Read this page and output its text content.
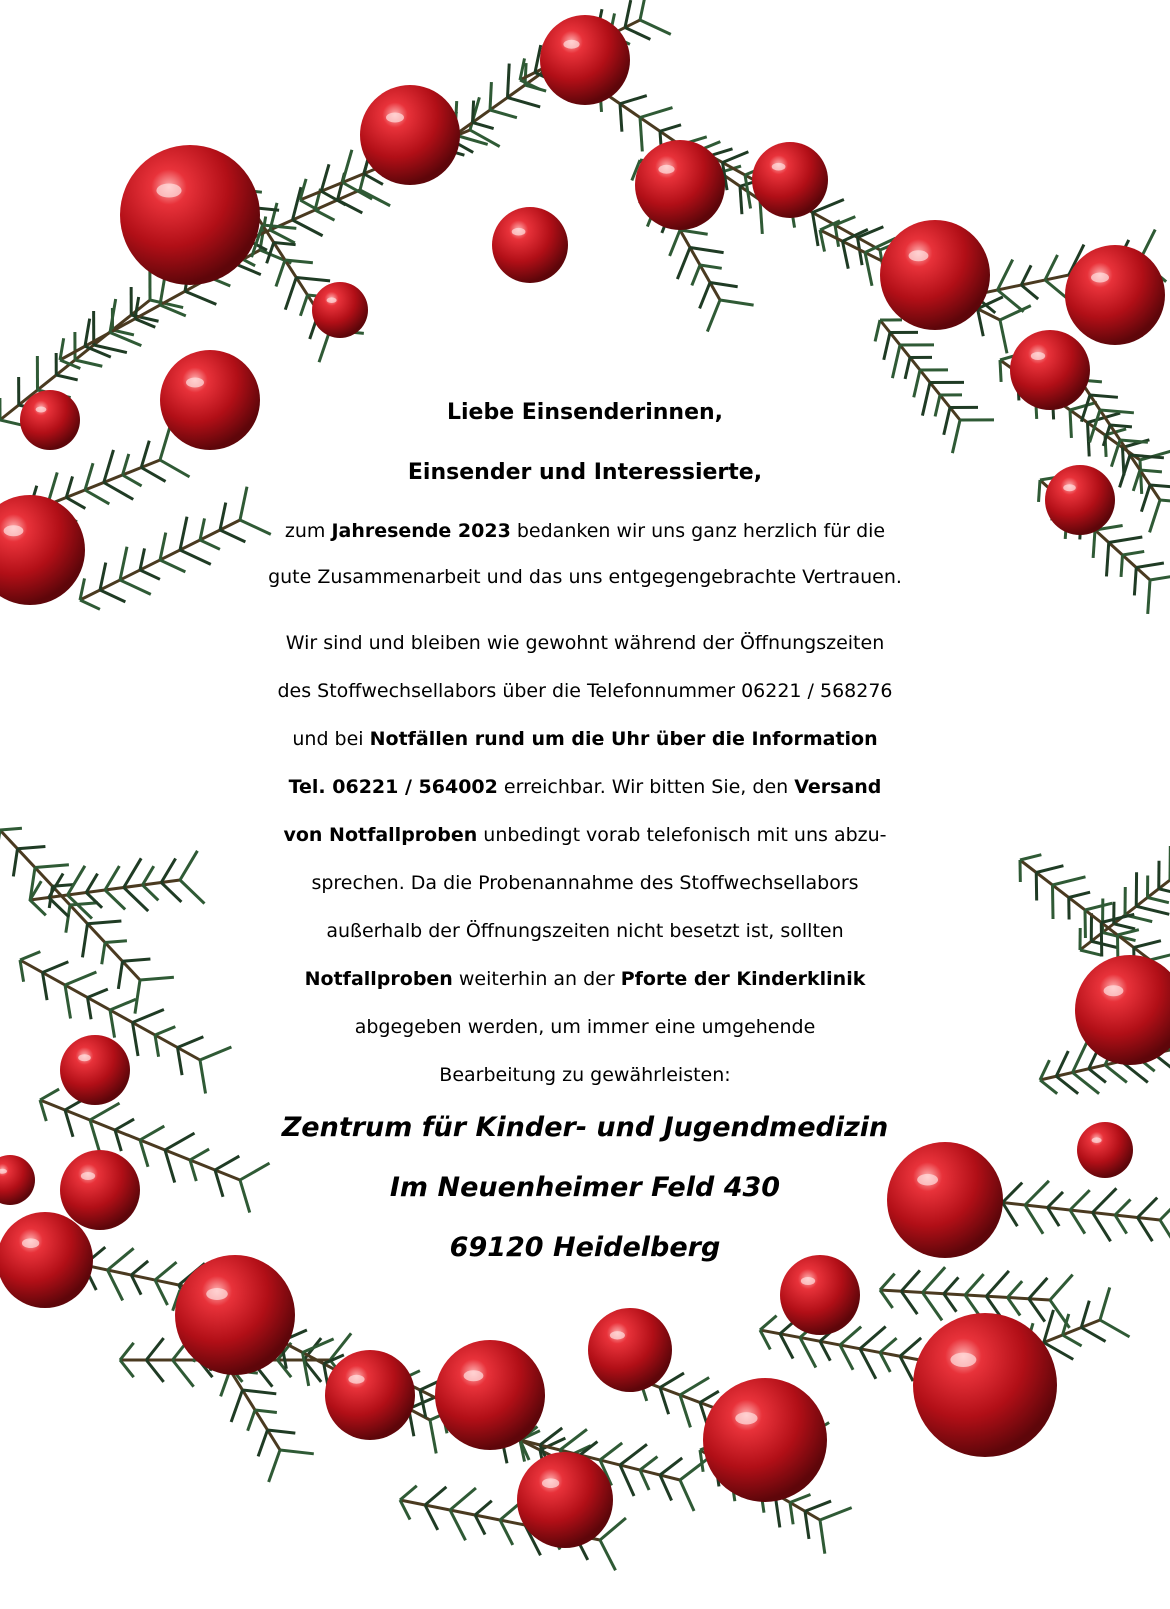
Liebe Einsenderinnen,
Einsender und Interessierte,
zum Jahresende 2023 bedanken wir uns ganz herzlich für die
gute Zusammenarbeit und das uns entgegengebrachte Vertrauen.
Wir sind und bleiben wie gewohnt während der Öffnungszeiten
des Stoffwechsellabors über die Telefonnummer 06221 / 568276
und bei Notfällen rund um die Uhr über die Information
Tel. 06221 / 564002 erreichbar. Wir bitten Sie, den Versand
von Notfallproben unbedingt vorab telefonisch mit uns abzu-
sprechen. Da die Probenannahme des Stoffwechsellabors
außerhalb der Öffnungszeiten nicht besetzt ist, sollten
Notfallproben weiterhin an der Pforte der Kinderklinik
abgegeben werden, um immer eine umgehende
Bearbeitung zu gewährleisten:
Zentrum für Kinder- und Jugendmedizin
Im Neuenheimer Feld 430
69120 Heidelberg
